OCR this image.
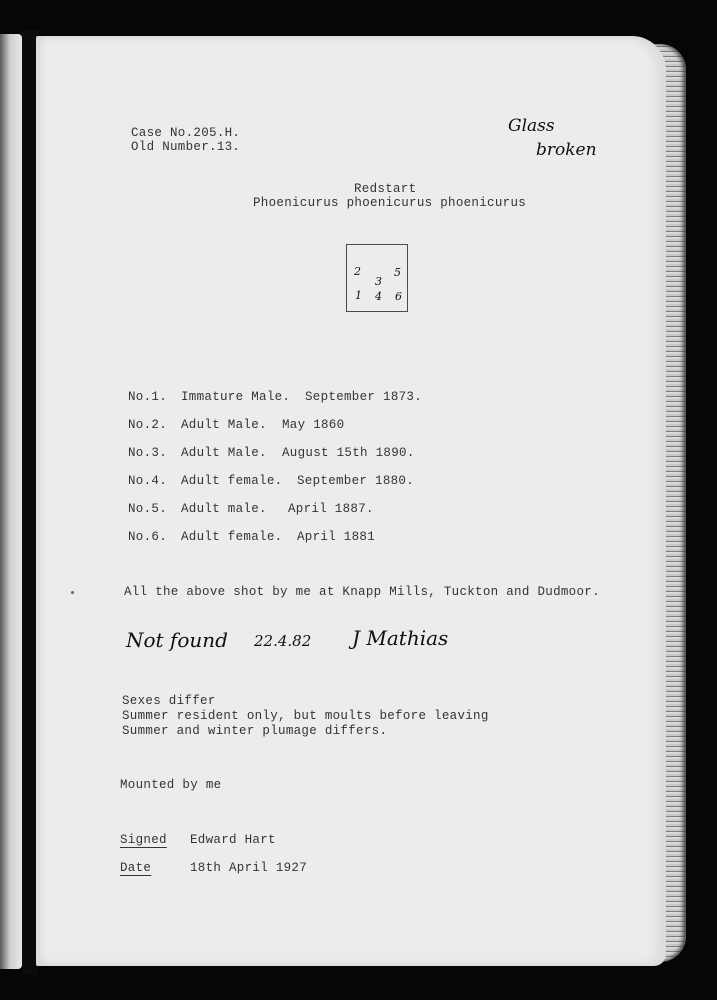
Case No.205.H.
Old Number.13.
Glass
broken
Redstart
Phoenicurus phoenicurus phoenicurus
2
3
5
1 4 6
No.1. Immature Male. September 1873.
No.2. Adult Male. May 1860
No.3. Adult Male. August 15th 1890.
No.4. Adult female. September 1880.
No.5. Adult male. April 1887.
No.6. Adult female. April 1881
All the above shot by me at Knapp Mills, Tuckton and Dudmoor.
Not found 22.4.82 J Mathias
Sexes differ
Summer resident only, but moults before leaving
Summer and winter plumage differs.
Mounted by me
Signed Edward Hart
Date	18th April 1927
